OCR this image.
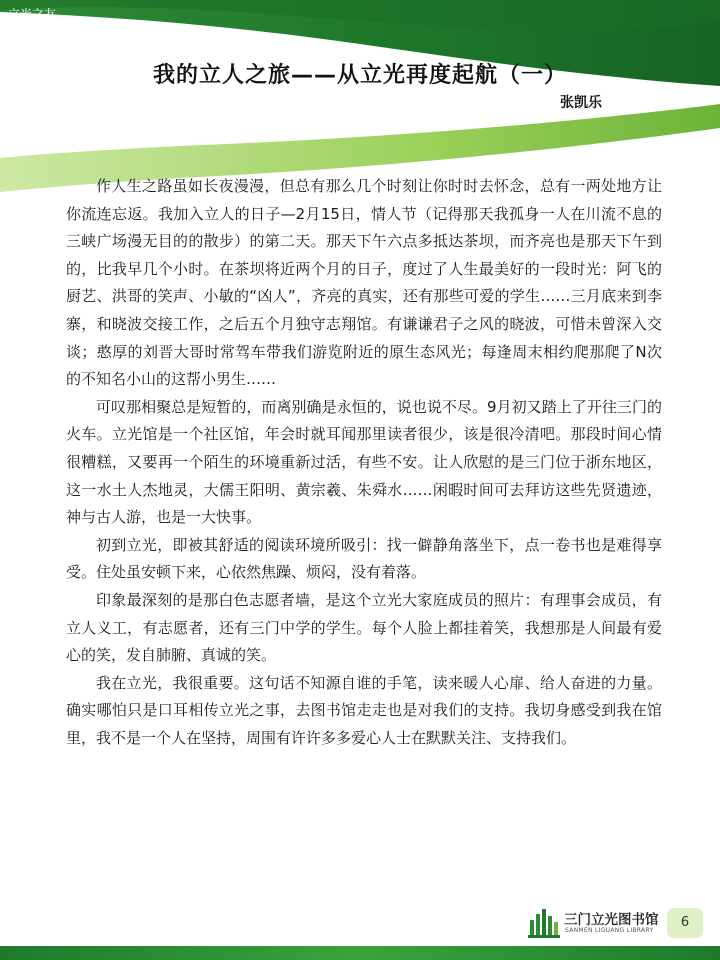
立光之友
我的立人之旅——从立光再度起航（一）
张凯乐

作人生之路虽如长夜漫漫，但总有那么几个时刻让你时时去怀念，总有一两处地方让你流连忘返。我加入立人的日子—2月15日，情人节（记得那天我孤身一人在川流不息的三峡广场漫无目的的散步）的第二天。那天下午六点多抵达茶坝，而齐亮也是那天下午到的，比我早几个小时。在茶坝将近两个月的日子，度过了人生最美好的一段时光：阿飞的厨艺、洪哥的笑声、小敏的“凶人”，齐亮的真实，还有那些可爱的学生……三月底来到李寨，和晓波交接工作，之后五个月独守志翔馆。有谦谦君子之风的晓波，可惜未曾深入交谈；憨厚的刘晋大哥时常驾车带我们游览附近的原生态风光；每逢周末相约爬那爬了N次的不知名小山的这帮小男生……

可叹那相聚总是短暂的，而离别确是永恒的，说也说不尽。9月初又踏上了开往三门的火车。立光馆是一个社区馆，年会时就耳闻那里读者很少，该是很冷清吧。那段时间心情很糟糕，又要再一个陌生的环境重新过活，有些不安。让人欣慰的是三门位于浙东地区，这一水土人杰地灵，大儒王阳明、黄宗羲、朱舜水……闲暇时间可去拜访这些先贤遗迹，神与古人游，也是一大快事。

初到立光，即被其舒适的阅读环境所吸引：找一僻静角落坐下，点一卷书也是难得享受。住处虽安顿下来，心依然焦躁、烦闷，没有着落。

印象最深刻的是那白色志愿者墙，是这个立光大家庭成员的照片：有理事会成员，有立人义工，有志愿者，还有三门中学的学生。每个人脸上都挂着笑，我想那是人间最有爱心的笑，发自肺腑、真诚的笑。

我在立光，我很重要。这句话不知源自谁的手笔，读来暖人心扉、给人奋进的力量。确实哪怕只是口耳相传立光之事，去图书馆走走也是对我们的支持。我切身感受到我在馆里，我不是一个人在坚持，周围有许许多多爱心人士在默默关注、支持我们。

三门立光图书馆
SANMEN LIGUANG LIBRARY
6
